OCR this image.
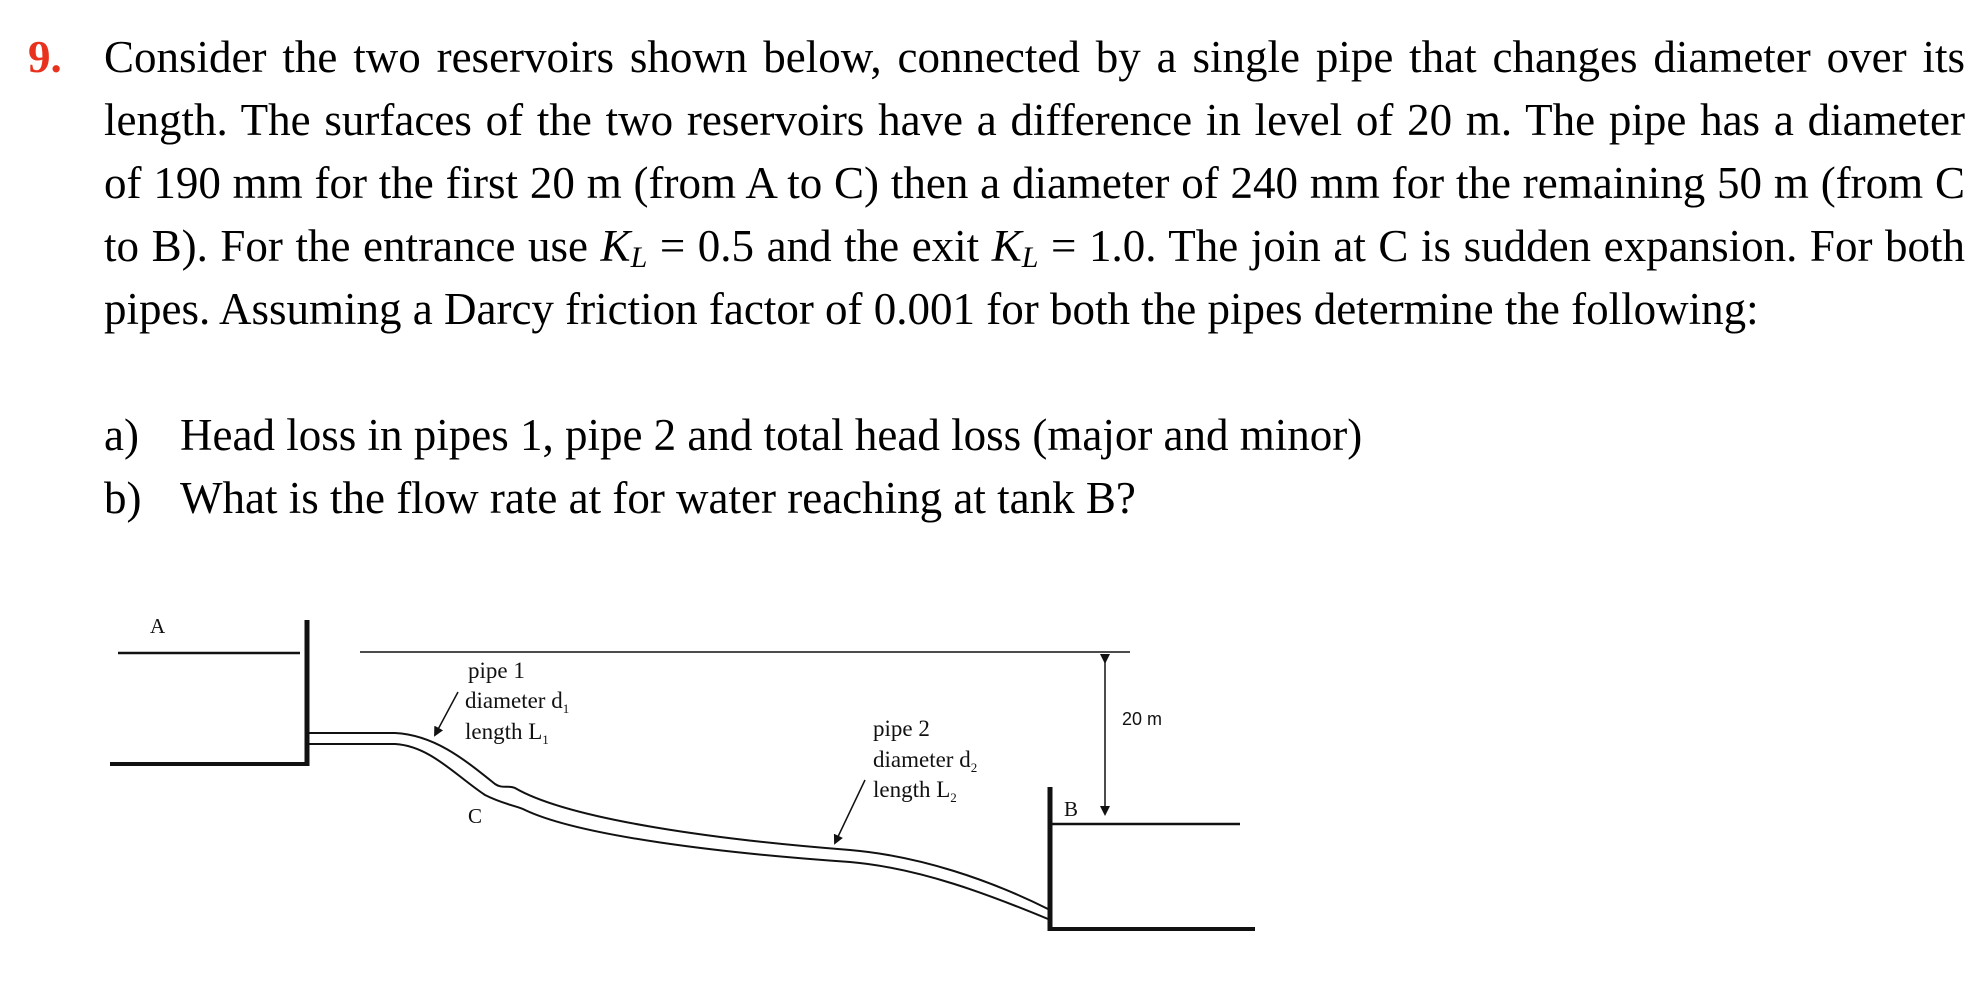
9. Consider the two reservoirs shown below, connected by a single pipe that changes diameter over its length. The surfaces of the two reservoirs have a difference in level of 20 m. The pipe has a diameter of 190 mm for the first 20 m (from A to C) then a diameter of 240 mm for the remaining 50 m (from C to B). For the entrance use $K_L = 0.5$ and the exit $K_L = 1.0$. The join at C is sudden expansion. For both pipes. Assuming a Darcy friction factor of 0.001 for both the pipes determine the following:
a) Head loss in pipes 1, pipe 2 and total head loss (major and minor)
b) What is the flow rate at for water reaching at tank B?
A
B
20 m
C
pipe 1
diameter $d_1$
length $L_1$	pipe 2
diameter $d_2$
length $L_2$
